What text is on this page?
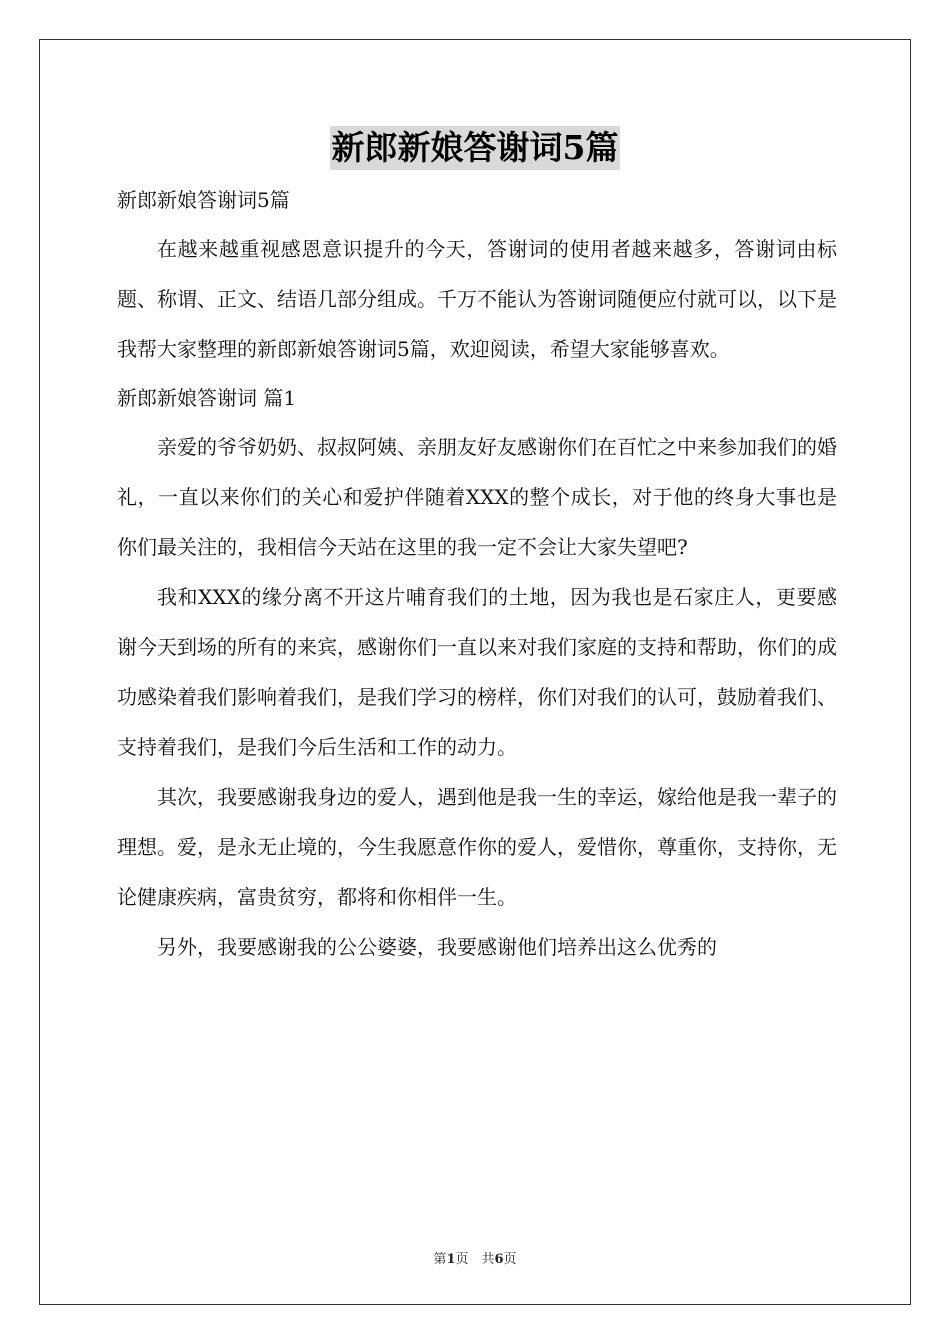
新郎新娘答谢词5篇

新郎新娘答谢词5篇

在越来越重视感恩意识提升的今天，答谢词的使用者越来越多，答谢词由标题、称谓、正文、结语几部分组成。千万不能认为答谢词随便应付就可以，以下是我帮大家整理的新郎新娘答谢词5篇，欢迎阅读，希望大家能够喜欢。

新郎新娘答谢词 篇1

亲爱的爷爷奶奶、叔叔阿姨、亲朋友好友感谢你们在百忙之中来参加我们的婚礼，一直以来你们的关心和爱护伴随着XXX的整个成长，对于他的终身大事也是你们最关注的，我相信今天站在这里的我一定不会让大家失望吧?

我和XXX的缘分离不开这片哺育我们的土地，因为我也是石家庄人，更要感谢今天到场的所有的来宾，感谢你们一直以来对我们家庭的支持和帮助，你们的成功感染着我们影响着我们，是我们学习的榜样，你们对我们的认可，鼓励着我们、支持着我们，是我们今后生活和工作的动力。

其次，我要感谢我身边的爱人，遇到他是我一生的幸运，嫁给他是我一辈子的理想。爱，是永无止境的，今生我愿意作你的爱人，爱惜你，尊重你，支持你，无论健康疾病，富贵贫穷，都将和你相伴一生。

另外，我要感谢我的公公婆婆，我要感谢他们培养出这么优秀的

第1页　共6页
